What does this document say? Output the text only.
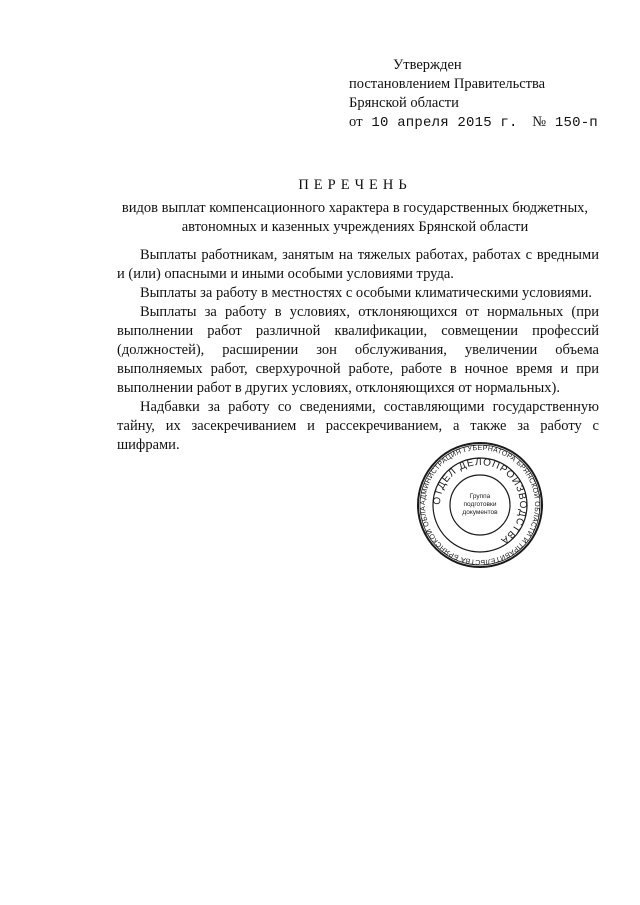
Утвержден
постановлением Правительства
Брянской области
от 10 апреля 2015 г. № 150-п
ПЕРЕЧЕНЬ
видов выплат компенсационного характера в государственных бюджетных,
автономных и казенных учреждениях Брянской области

Выплаты работникам, занятым на тяжелых работах, работах с вредными и (или) опасными и иными особыми условиями труда.

Выплаты за работу в местностях с особыми климатическими условиями.

Выплаты за работу в условиях, отклоняющихся от нормальных (при выполнении работ различной квалификации, совмещении профессий (должностей), расширении зон обслуживания, увеличении объема выполняемых работ, сверхурочной работе, работе в ночное время и при выполнении работ в других условиях, отклоняющихся от нормальных).

Надбавки за работу со сведениями, составляющими государственную тайну, их засекречиванием и рассекречиванием, а также за работу с шифрами.

АДМИНИСТРАЦИЯ ГУБЕРНАТОРА БРЯНСКОЙ ОБЛАСТИ И ПРАВИТЕЛЬСТВА БРЯНСКОЙ ОБЛА
ОТДЕЛ ДЕЛОПРОИЗВОДСТВА
Группа
подготовки
документов
